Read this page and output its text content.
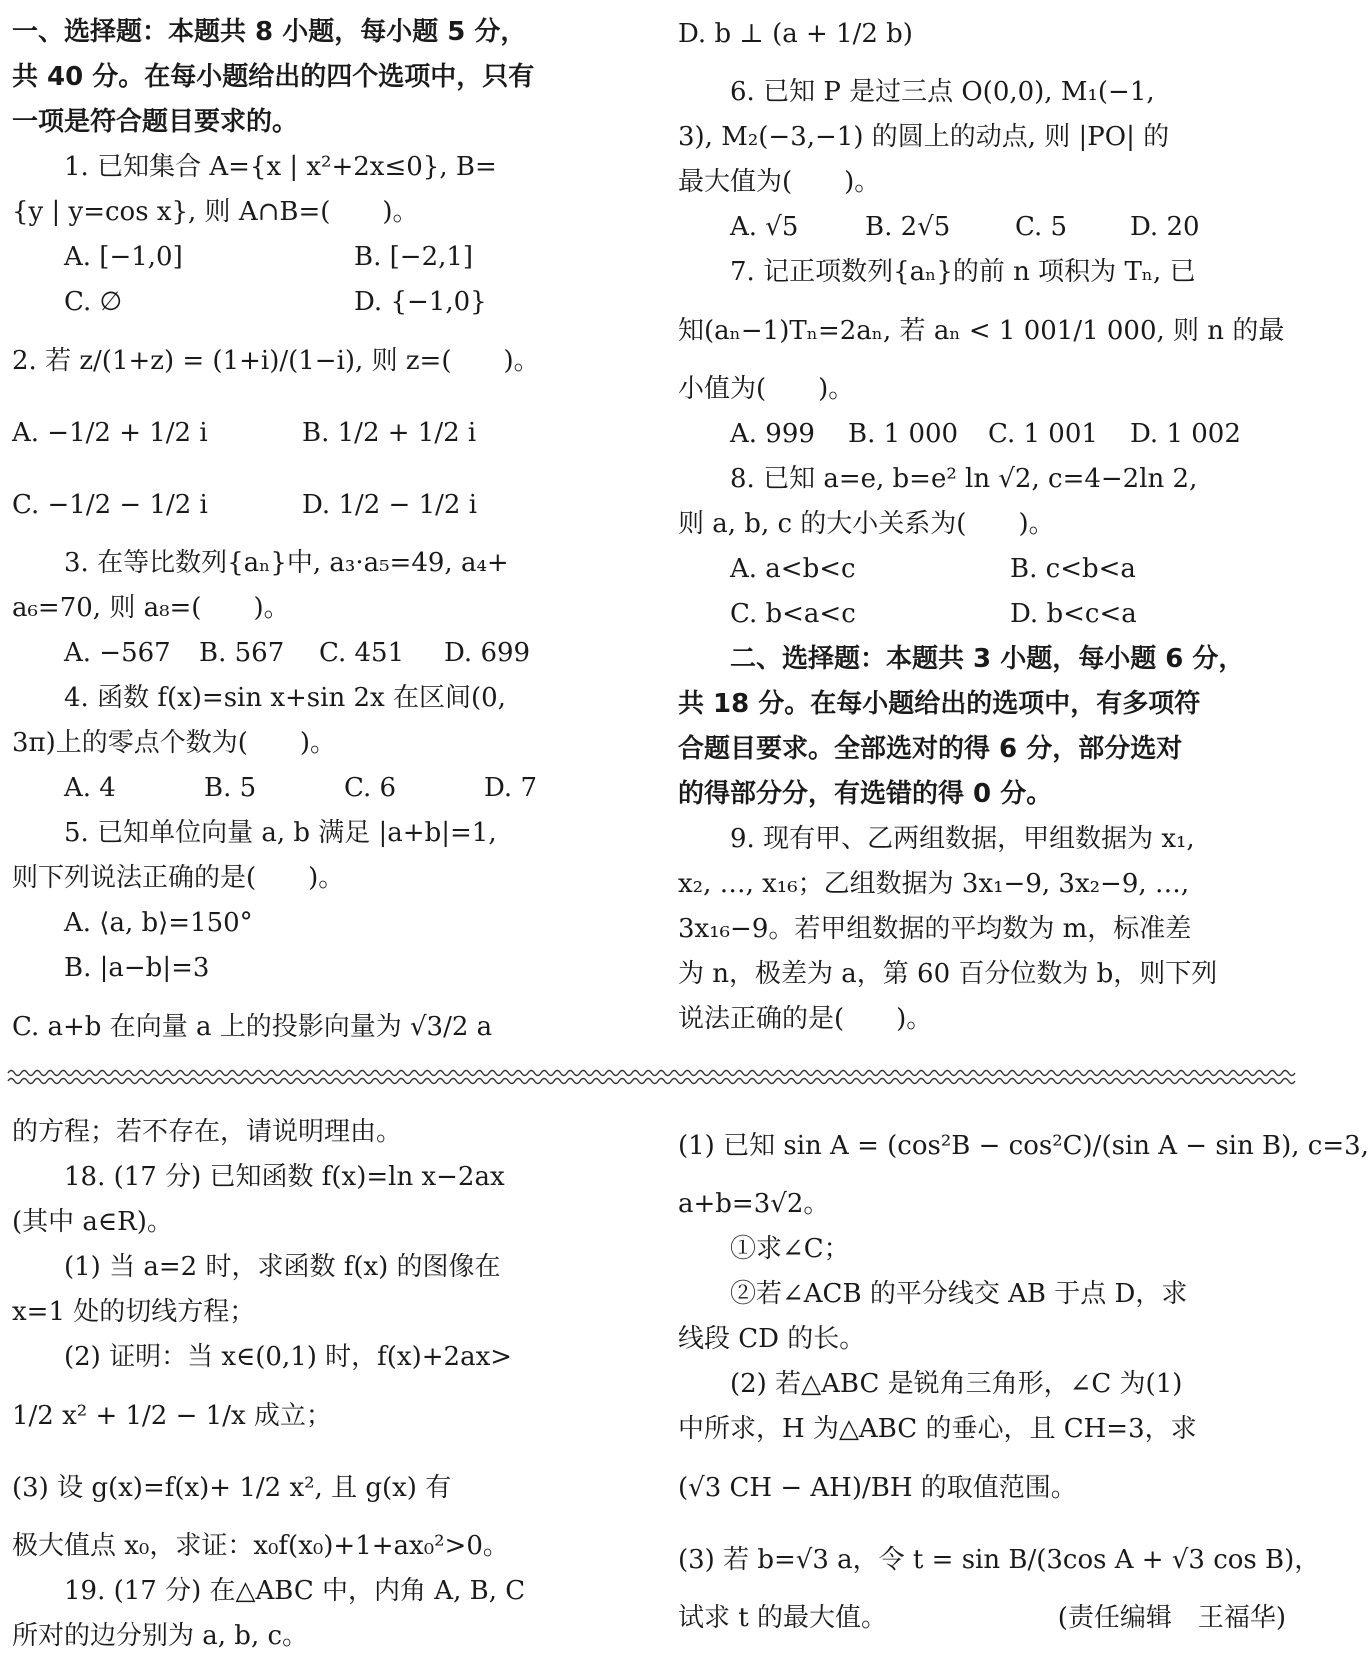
一、选择题：本题共 8 小题，每小题 5 分，
共 40 分。在每小题给出的四个选项中，只有
一项是符合题目要求的。
1. 已知集合 A={x | x²+2x≤0}, B=
{y | y=cos x}, 则 A∩B=(　　)。
A. [−1,0]	B. [−2,1]
C. ∅	D. {−1,0}
2. 若 z/(1+z) = (1+i)/(1−i), 则 z=(　　)。
A. −1/2 + 1/2 i	B. 1/2 + 1/2 i
C. −1/2 − 1/2 i	D. 1/2 − 1/2 i
3. 在等比数列{aₙ}中, a₃·a₅=49, a₄+
a₆=70, 则 a₈=(　　)。
A. −567	B. 567	C. 451	D. 699
4. 函数 f(x)=sin x+sin 2x 在区间(0,
3π)上的零点个数为(　　)。
A. 4	B. 5	C. 6	D. 7
5. 已知单位向量 a, b 满足 |a+b|=1,
则下列说法正确的是(　　)。
A. ⟨a, b⟩=150°
B. |a−b|=3
C. a+b 在向量 a 上的投影向量为 √3/2 a
D. b ⊥ (a + 1/2 b)
6. 已知 P 是过三点 O(0,0), M₁(−1,
3), M₂(−3,−1) 的圆上的动点, 则 |PO| 的
最大值为(　　)。
A. √5	B. 2√5	C. 5	D. 20
7. 记正项数列{aₙ}的前 n 项积为 Tₙ, 已
知(aₙ−1)Tₙ=2aₙ, 若 aₙ < 1 001/1 000, 则 n 的最
小值为(　　)。
A. 999	B. 1 000	C. 1 001	D. 1 002
8. 已知 a=e, b=e² ln √2, c=4−2ln 2,
则 a, b, c 的大小关系为(　　)。
A. a<b<c	B. c<b<a
C. b<a<c	D. b<c<a
二、选择题：本题共 3 小题，每小题 6 分，
共 18 分。在每小题给出的选项中，有多项符
合题目要求。全部选对的得 6 分，部分选对
的得部分分，有选错的得 0 分。
9. 现有甲、乙两组数据，甲组数据为 x₁,
x₂, …, x₁₆；乙组数据为 3x₁−9, 3x₂−9, …,
3x₁₆−9。若甲组数据的平均数为 m，标准差
为 n，极差为 a，第 60 百分位数为 b，则下列
说法正确的是(　　)。
的方程；若不存在，请说明理由。
18. (17 分) 已知函数 f(x)=ln x−2ax
(其中 a∈R)。
(1) 当 a=2 时，求函数 f(x) 的图像在
x=1 处的切线方程；
(2) 证明：当 x∈(0,1) 时，f(x)+2ax>
1/2 x² + 1/2 − 1/x 成立；
(3) 设 g(x)=f(x)+ 1/2 x², 且 g(x) 有
极大值点 x₀，求证：x₀f(x₀)+1+ax₀²>0。
19. (17 分) 在△ABC 中，内角 A, B, C
所对的边分别为 a, b, c。
(1) 已知 sin A = (cos²B − cos²C)/(sin A − sin B), c=3,
a+b=3√2。
①求∠C；
②若∠ACB 的平分线交 AB 于点 D，求
线段 CD 的长。
(2) 若△ABC 是锐角三角形，∠C 为(1)
中所求，H 为△ABC 的垂心，且 CH=3，求
(√3 CH − AH)/BH 的取值范围。
(3) 若 b=√3 a，令 t = sin B/(3cos A + √3 cos B)，
试求 t 的最大值。	(责任编辑　王福华)
